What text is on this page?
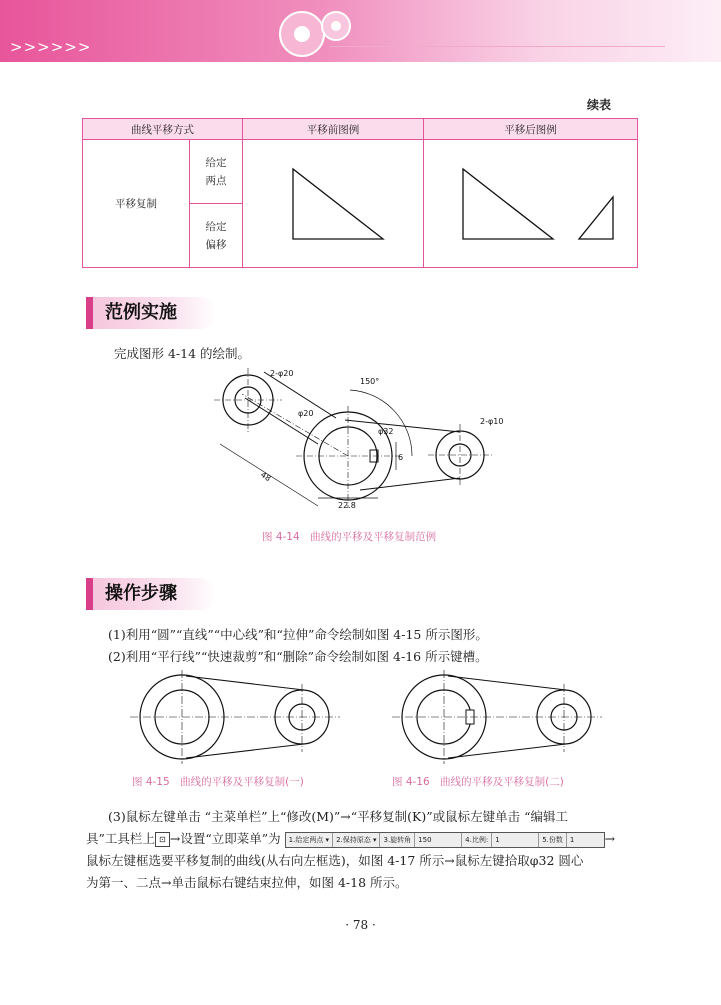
>>>>>>
续表
曲线平移方式		平移前图例	平移后图例
平移复制	给定
两点		
	给定
偏移		
范例实施
完成图形 4-14 的绘制。
2-φ20
150°
φ20
φ32
6
2-φ10
48
22.8
图 4-14　曲线的平移及平移复制范例
操作步骤
(1)利用“圆”“直线”“中心线”和“拉伸”命令绘制如图 4-15 所示图形。
(2)利用“平行线”“快速裁剪”和“删除”命令绘制如图 4-16 所示键槽。
图 4-15　曲线的平移及平移复制(一)	图 4-16　曲线的平移及平移复制(二)
(3)鼠标左键单击 “主菜单栏”上“修改(M)”→“平移复制(K)”或鼠标左键单击 “编辑工
具”工具栏上 ⊡ →设置“立即菜单”为 1.给定两点 ▾ 2.保持原态 ▾ 3.旋转角 150	4.比例: 1	5.份数 1 →
鼠标左键框选要平移复制的曲线(从右向左框选)，如图 4-17 所示→鼠标左键拾取φ32 圆心
为第一、二点→单击鼠标右键结束拉伸，如图 4-18 所示。
· 78 ·
